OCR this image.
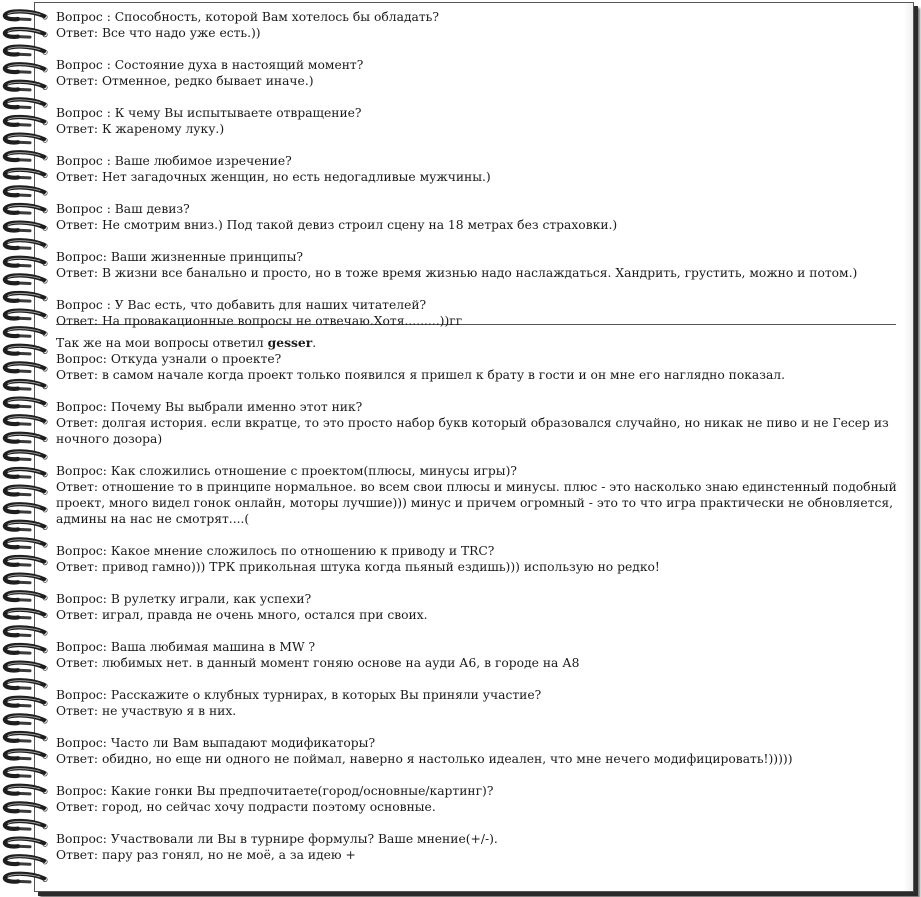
Вопрос : Способность, которой Вам хотелось бы обладать?

Ответ: Все что надо уже есть.))

Вопрос : Состояние духа в настоящий момент?

Ответ: Отменное, редко бывает иначе.)

Вопрос : К чему Вы испытываете отвращение?

Ответ: К жареному луку.)

Вопрос : Ваше любимое изречение?

Ответ: Нет загадочных женщин, но есть недогадливые мужчины.)

Вопрос : Ваш девиз?

Ответ: Не смотрим вниз.) Под такой девиз строил сцену на 18 метрах без страховки.)

Вопрос: Ваши жизненные принципы?

Ответ: В жизни все банально и просто, но в тоже время жизнью надо наслаждаться. Хандрить, грустить, можно и потом.)

Вопрос : У Вас есть, что добавить для наших читателей?

Ответ: На провакационные вопросы не отвечаю.Хотя.........))гг

Так же на мои вопросы ответил gesser.

Вопрос: Откуда узнали о проекте?

Ответ: в самом начале когда проект только появился я пришел к брату в гости и он мне его наглядно показал.

Вопрос: Почему Вы выбрали именно этот ник?

Ответ: долгая история. если вкратце, то это просто набор букв который образовался случайно, но никак не пиво и не Гесер из ночного дозора)

Вопрос: Как сложились отношение с проектом(плюсы, минусы игры)?

Ответ: отношение то в принципе нормальное. во всем свои плюсы и минусы. плюс - это насколько знаю единстенный подобный проект, много видел гонок онлайн, моторы лучшие))) минус и причем огромный - это то что игра практически не обновляется, админы на нас не смотрят....(

Вопрос: Какое мнение сложилось по отношению к приводу и TRC?

Ответ: привод гамно))) ТРК прикольная штука когда пьяный ездишь))) использую но редко!

Вопрос: В рулетку играли, как успехи?

Ответ: играл, правда не очень много, остался при своих.

Вопрос: Ваша любимая машина в MW ?

Ответ: любимых нет. в данный момент гоняю основе на ауди А6, в городе на А8

Вопрос: Расскажите о клубных турнирах, в которых Вы приняли участие?

Ответ: не участвую я в них.

Вопрос: Часто ли Вам выпадают модификаторы?

Ответ: обидно, но еще ни одного не поймал, наверно я настолько идеален, что мне нечего модифицировать!)))))

Вопрос: Какие гонки Вы предпочитаете(город/основные/картинг)?

Ответ: город, но сейчас хочу подрасти поэтому основные.

Вопрос: Участвовали ли Вы в турнире формулы? Ваше мнение(+/-).

Ответ: пару раз гонял, но не моё, а за идею +
